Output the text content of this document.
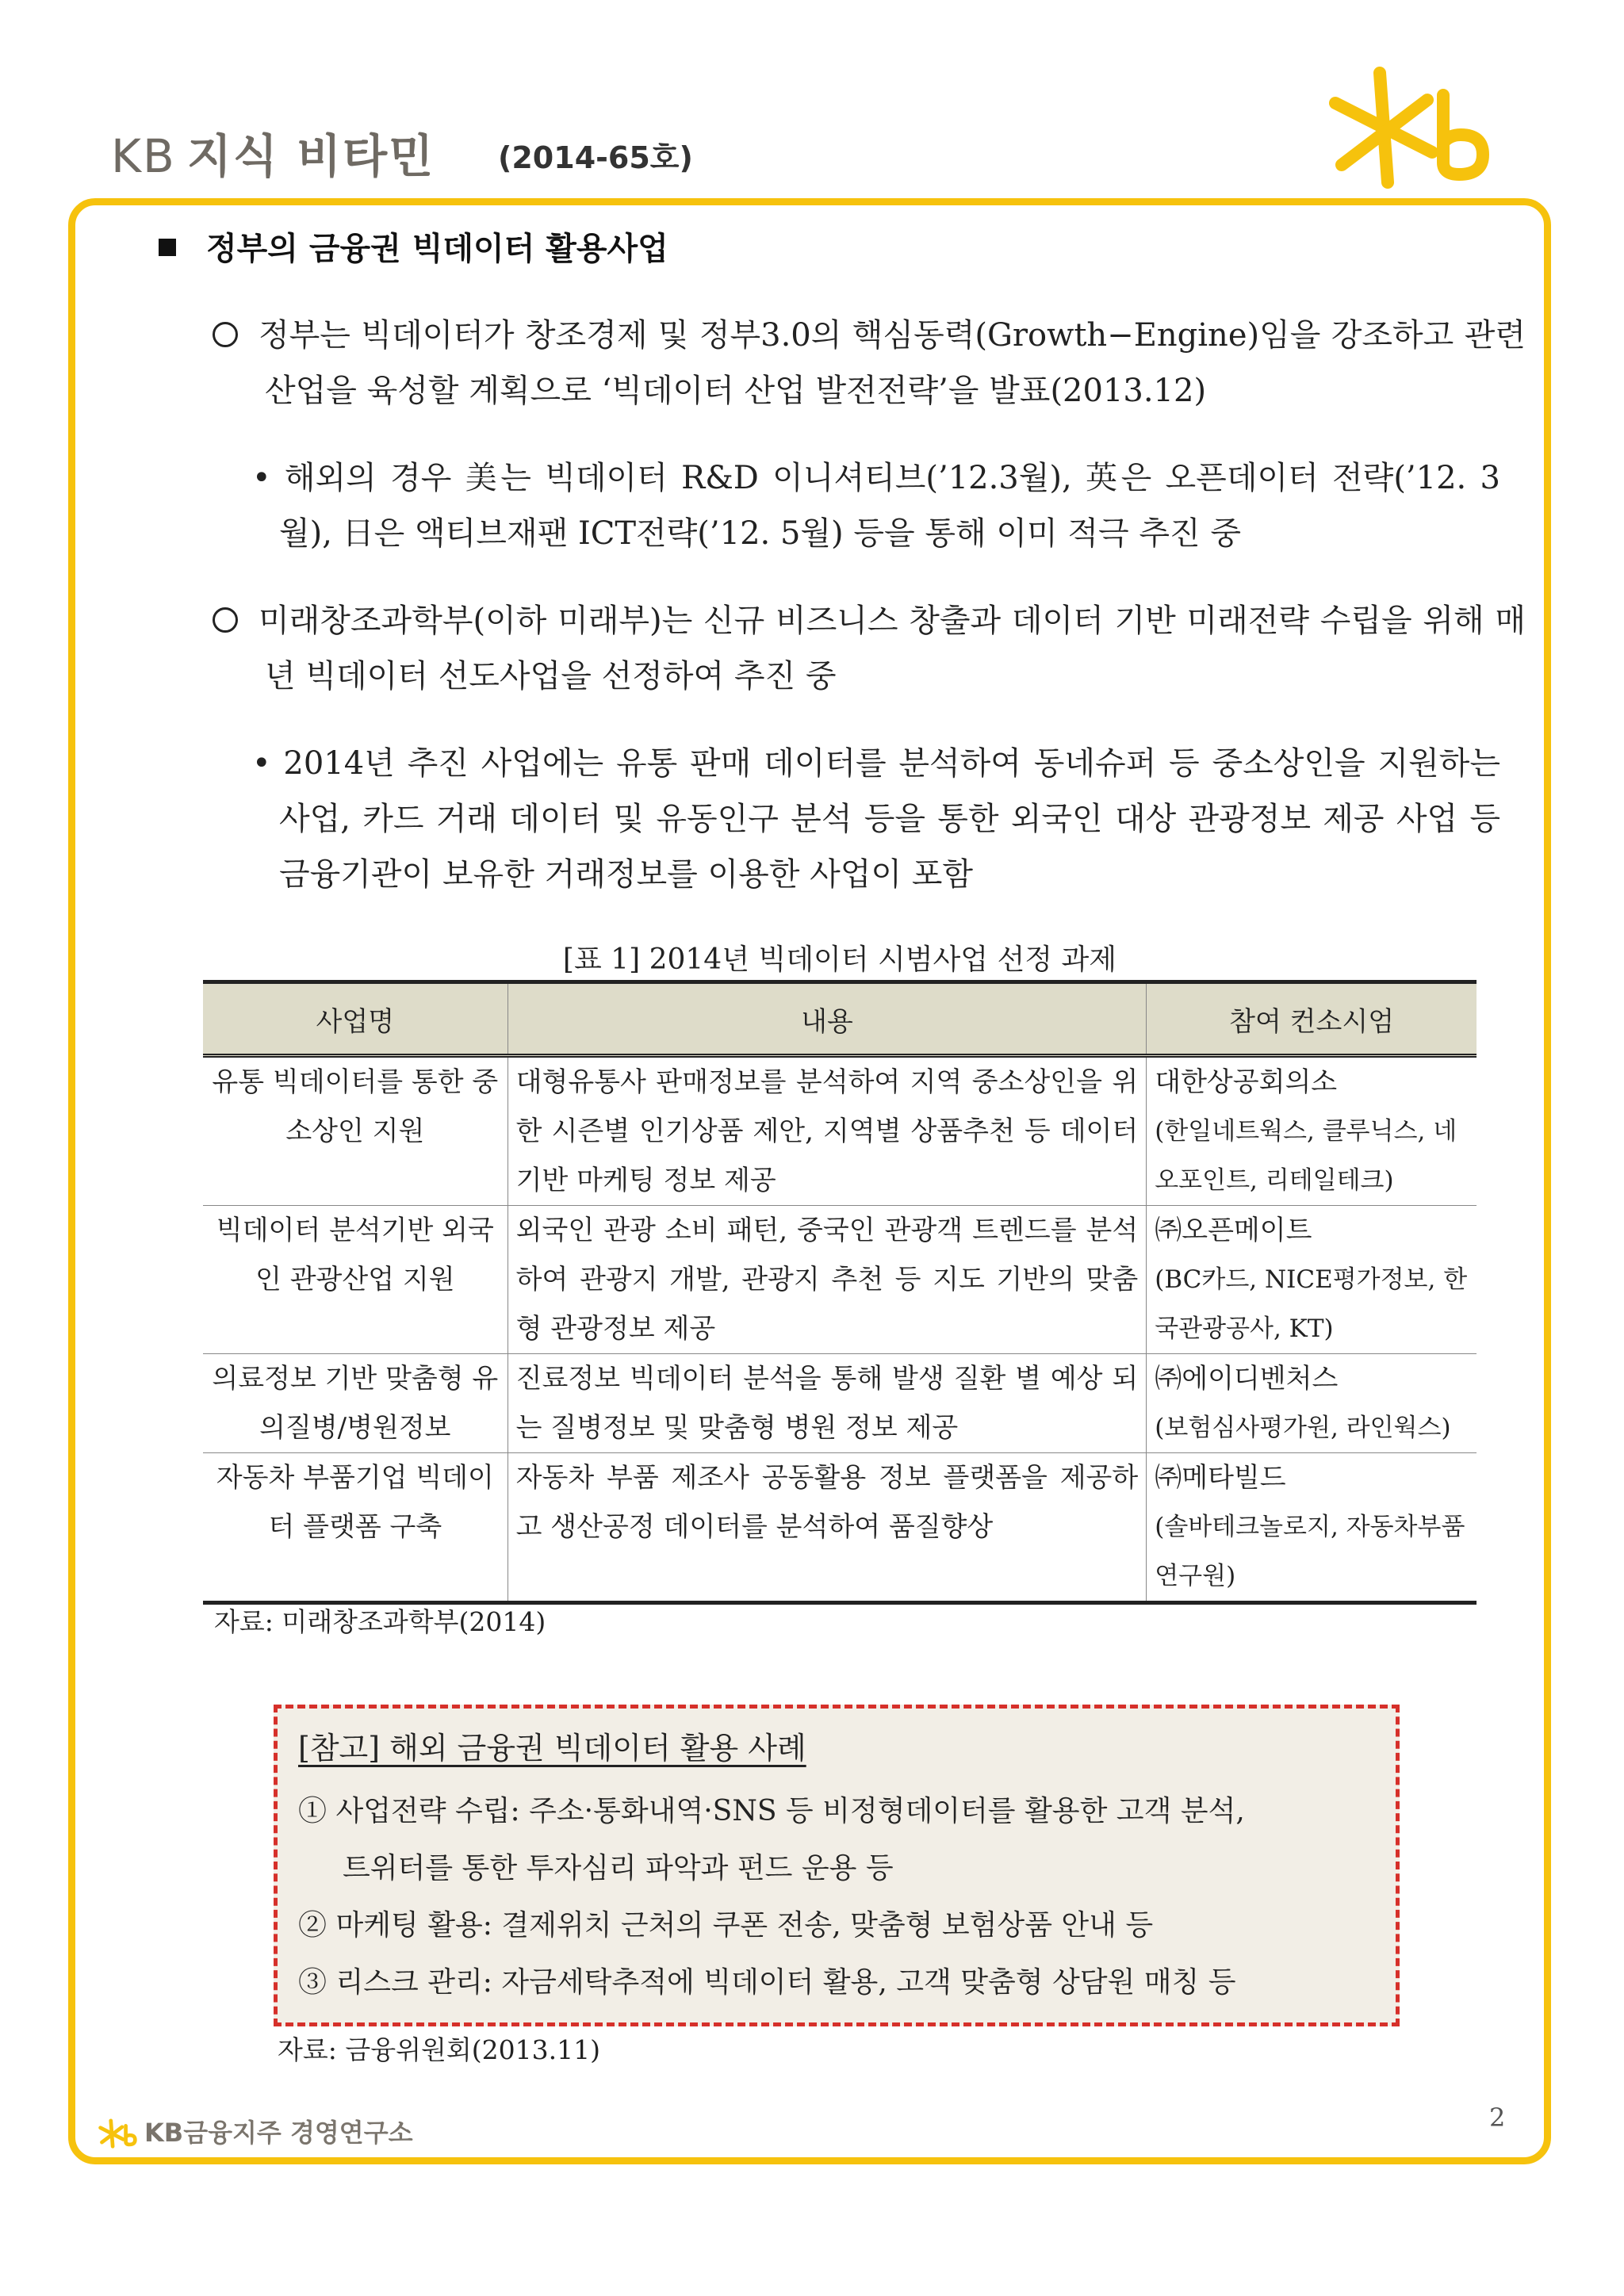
KB 지식 비타민 (2014-65호)
정부의 금융권 빅데이터 활용사업
정부는 빅데이터가 창조경제 및 정부3.0의 핵심동력(Growth−Engine)임을 강조하고 관련 산업을 육성할 계획으로 ‘빅데이터 산업 발전전략’을 발표(2013.12)
• 해외의 경우 美는 빅데이터 R&D 이니셔티브(’12.3월), 英은 오픈데이터 전략(’12. 3월), 日은 액티브재팬 ICT전략(’12. 5월) 등을 통해 이미 적극 추진 중
미래창조과학부(이하 미래부)는 신규 비즈니스 창출과 데이터 기반 미래전략 수립을 위해 매년 빅데이터 선도사업을 선정하여 추진 중
• 2014년 추진 사업에는 유통 판매 데이터를 분석하여 동네슈퍼 등 중소상인을 지원하는 사업, 카드 거래 데이터 및 유동인구 분석 등을 통한 외국인 대상 관광정보 제공 사업 등 금융기관이 보유한 거래정보를 이용한 사업이 포함
[표 1] 2014년 빅데이터 시범사업 선정 과제
사업명	내용	참여 컨소시엄
유통 빅데이터를 통한 중소상인 지원	대형유통사 판매정보를 분석하여 지역 중소상인을 위한 시즌별 인기상품 제안, 지역별 상품추천 등 데이터 기반 마케팅 정보 제공	대한상공회의소
(한일네트웍스, 클루닉스, 네오포인트, 리테일테크)

빅데이터 분석기반 외국인 관광산업 지원	외국인 관광 소비 패턴, 중국인 관광객 트렌드를 분석하여 관광지 개발, 관광지 추천 등 지도 기반의 맞춤형 관광정보 제공	㈜오픈메이트
(BC카드, NICE평가정보, 한국관광공사, KT)

의료정보 기반 맞춤형 유의질병/병원정보	진료정보 빅데이터 분석을 통해 발생 질환 별 예상 되는 질병정보 및 맞춤형 병원 정보 제공	㈜에이디벤처스
(보험심사평가원, 라인웍스)

자동차 부품기업 빅데이터 플랫폼 구축	자동차 부품 제조사 공동활용 정보 플랫폼을 제공하고 생산공정 데이터를 분석하여 품질향상	㈜메타빌드
(솔바테크놀로지, 자동차부품연구원)
자료: 미래창조과학부(2014)
[참고] 해외 금융권 빅데이터 활용 사례
① 사업전략 수립: 주소·통화내역·SNS 등 비정형데이터를 활용한 고객 분석,
트위터를 통한 투자심리 파악과 펀드 운용 등
② 마케팅 활용: 결제위치 근처의 쿠폰 전송, 맞춤형 보험상품 안내 등
③ 리스크 관리: 자금세탁추적에 빅데이터 활용, 고객 맞춤형 상담원 매칭 등
자료: 금융위원회(2013.11)
KB금융지주 경영연구소	2
